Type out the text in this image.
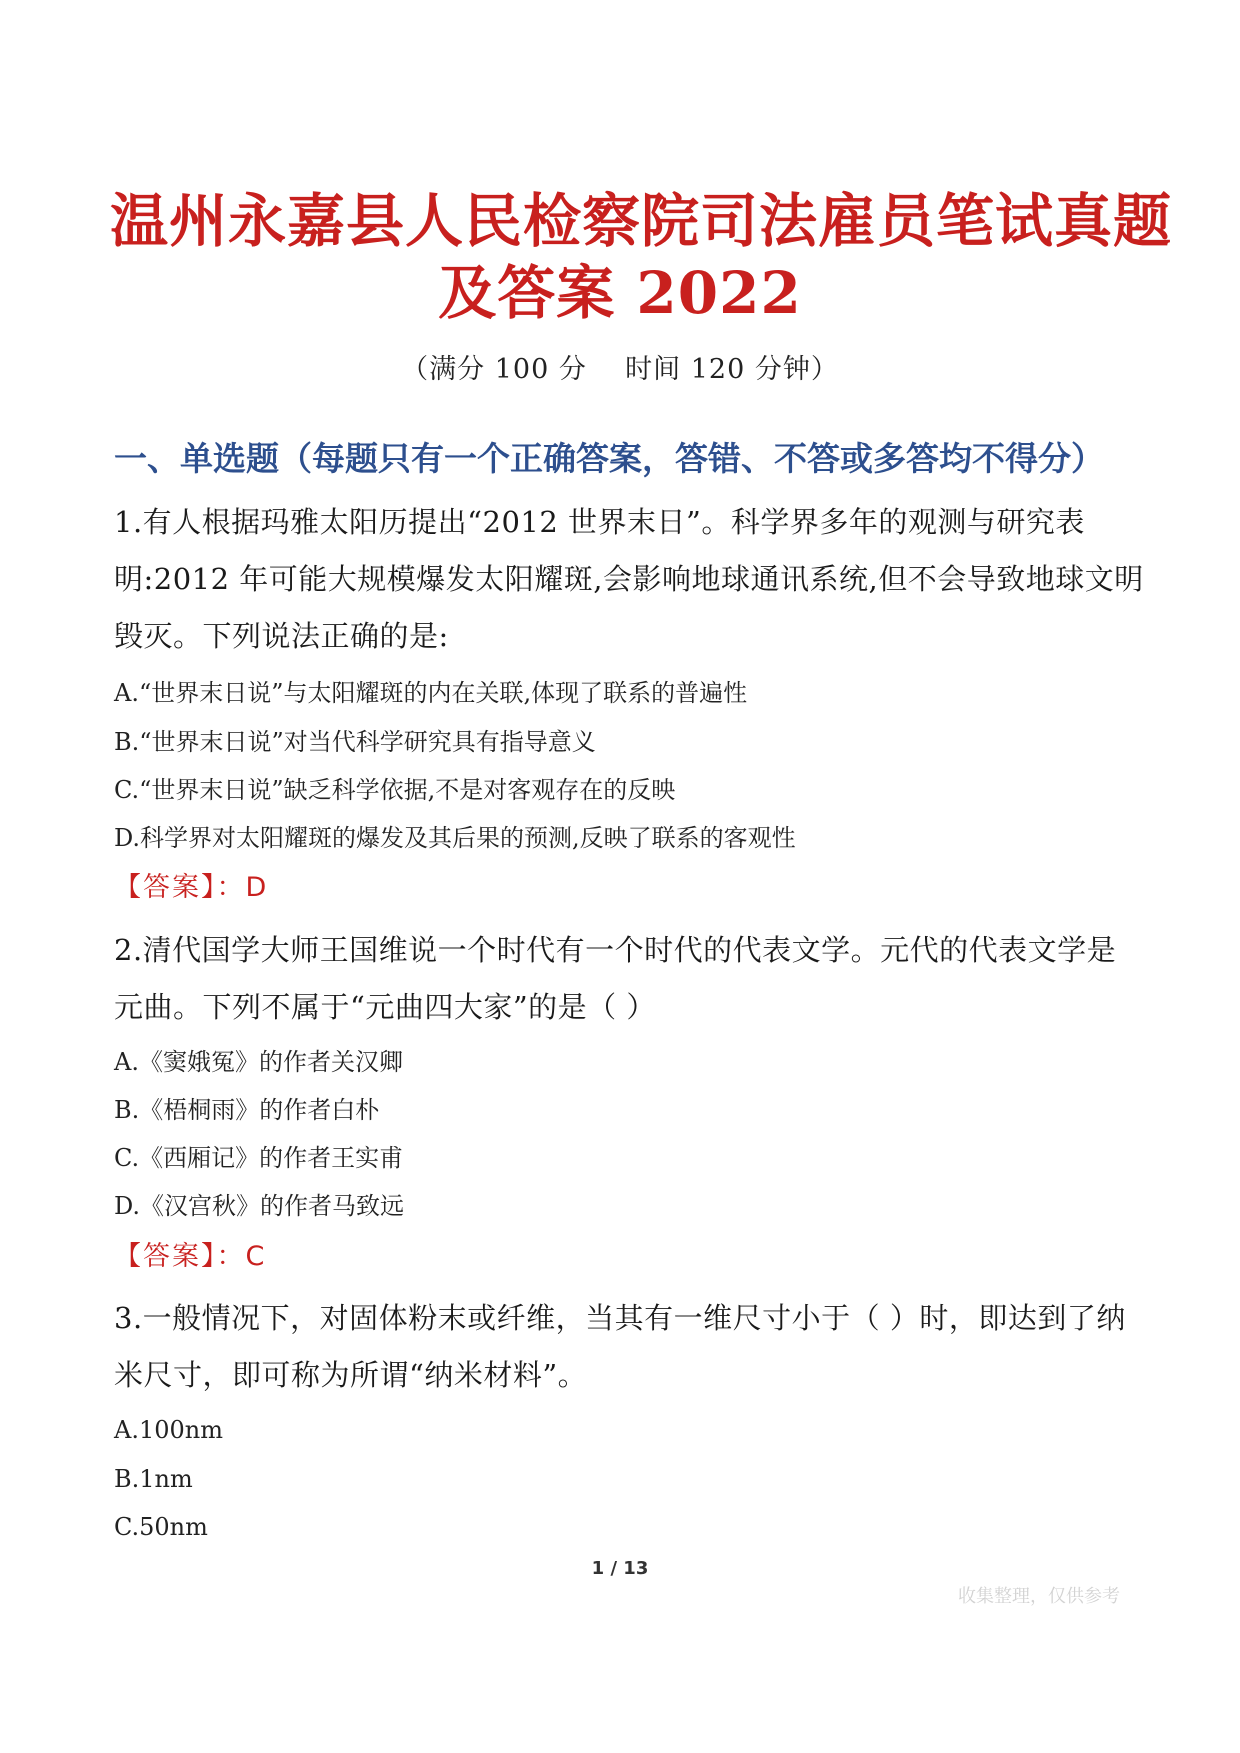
温州永嘉县人民检察院司法雇员笔试真题
及答案 2022
（满分 100 分    时间 120 分钟）
一、单选题（每题只有一个正确答案，答错、不答或多答均不得分）

1.有人根据玛雅太阳历提出“2012 世界末日”。科学界多年的观测与研究表
明:2012 年可能大规模爆发太阳耀斑,会影响地球通讯系统,但不会导致地球文明
毁灭。下列说法正确的是:

A.“世界末日说”与太阳耀斑的内在关联,体现了联系的普遍性

B.“世界末日说”对当代科学研究具有指导意义

C.“世界末日说”缺乏科学依据,不是对客观存在的反映

D.科学界对太阳耀斑的爆发及其后果的预测,反映了联系的客观性

【答案】：D

2.清代国学大师王国维说一个时代有一个时代的代表文学。元代的代表文学是
元曲。下列不属于“元曲四大家”的是（ ）

A.《窦娥冤》的作者关汉卿

B.《梧桐雨》的作者白朴

C.《西厢记》的作者王实甫

D.《汉宫秋》的作者马致远

【答案】：C

3.一般情况下，对固体粉末或纤维，当其有一维尺寸小于（ ）时，即达到了纳
米尺寸，即可称为所谓“纳米材料”。

A.100nm

B.1nm

C.50nm

1 / 13
收集整理，仅供参考
